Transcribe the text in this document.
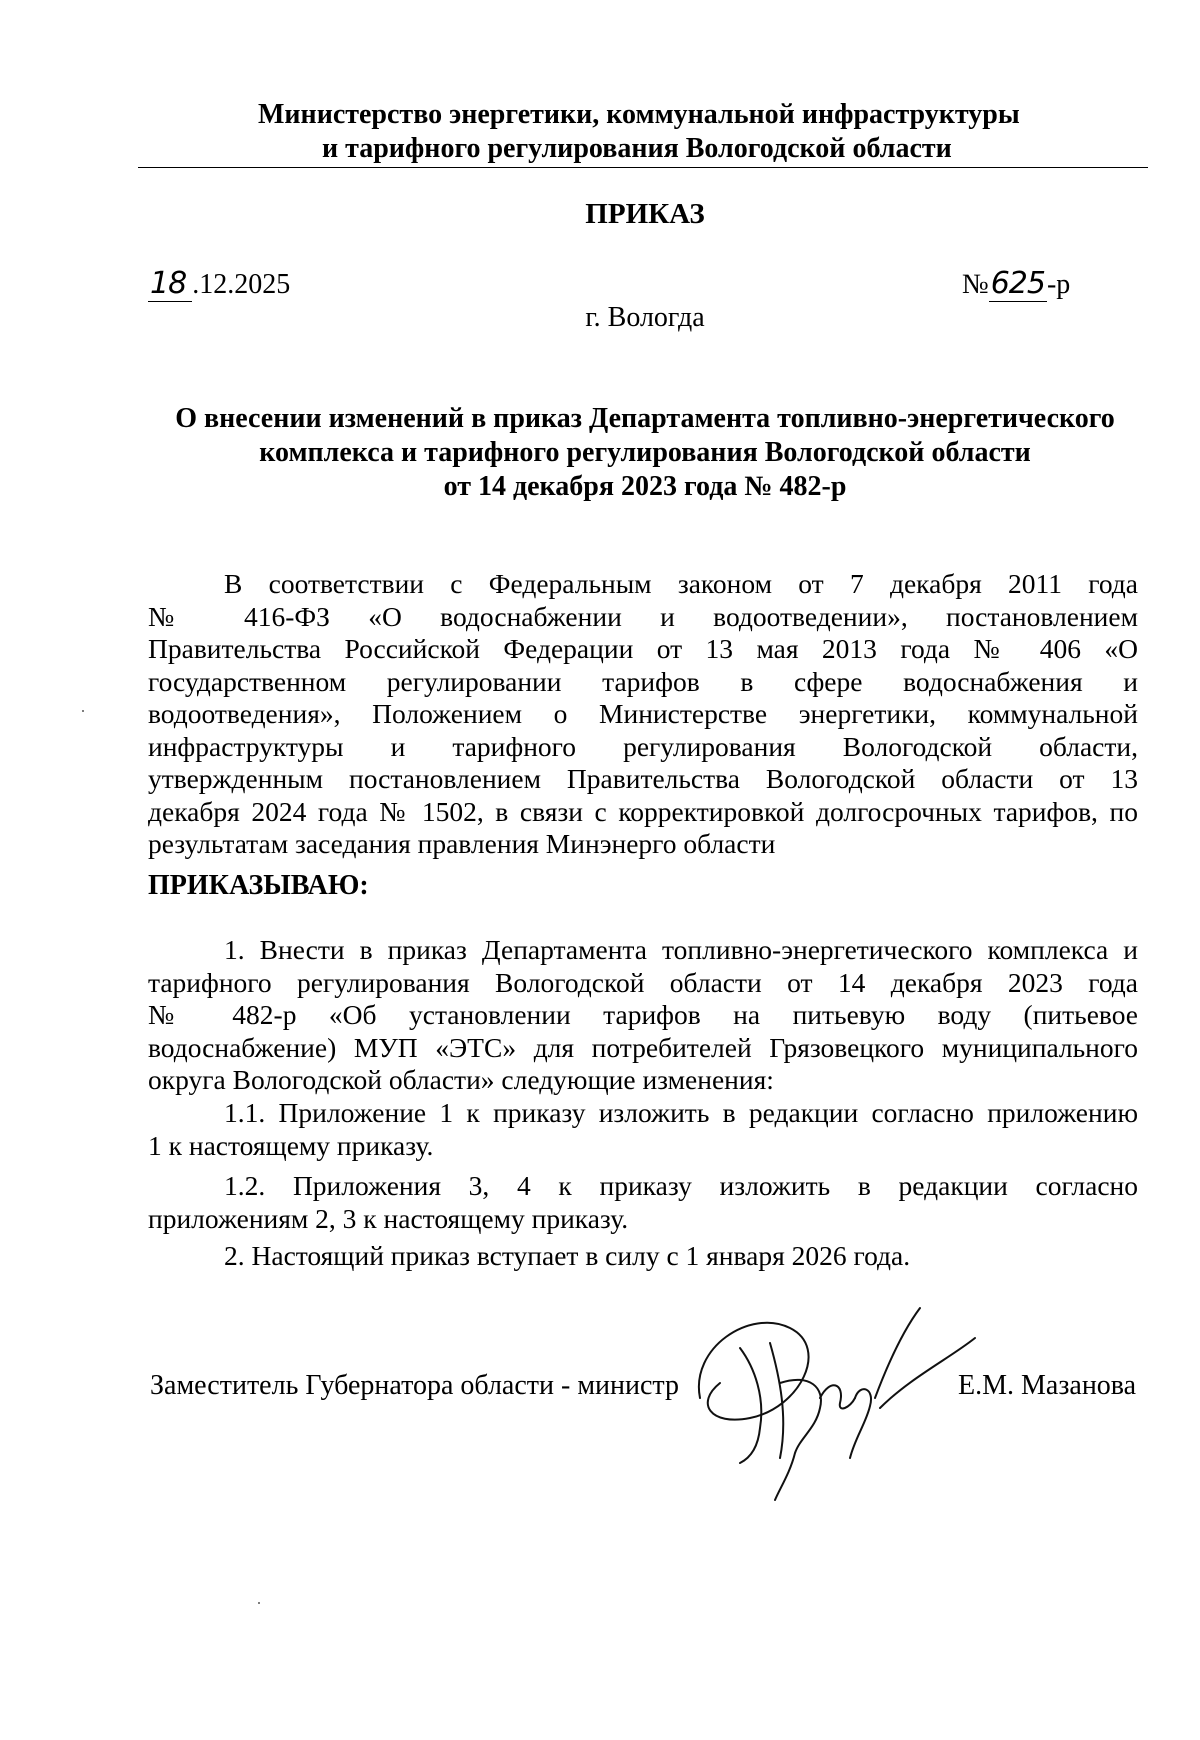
Министерство энергетики, коммунальной инфраструктуры
и тарифного регулирования Вологодской области
ПРИКАЗ
18 .12.2025	№625-р
г. Вологда
О внесении изменений в приказ Департамента топливно-энергетического
комплекса и тарифного регулирования Вологодской области
от 14 декабря 2023 года № 482-р
В соответствии с Федеральным законом от 7 декабря 2011 года
№ 416-ФЗ «О водоснабжении и водоотведении», постановлением
Правительства Российской Федерации от 13 мая 2013 года № 406 «О
государственном регулировании тарифов в сфере водоснабжения и
водоотведения», Положением о Министерстве энергетики, коммунальной
инфраструктуры и тарифного регулирования Вологодской области,
утвержденным постановлением Правительства Вологодской области от 13
декабря 2024 года № 1502, в связи с корректировкой долгосрочных тарифов, по
результатам заседания правления Минэнерго области
ПРИКАЗЫВАЮ:
1. Внести в приказ Департамента топливно-энергетического комплекса и
тарифного регулирования Вологодской области от 14 декабря 2023 года
№ 482-р «Об установлении тарифов на питьевую воду (питьевое
водоснабжение) МУП «ЭТС» для потребителей Грязовецкого муниципального
округа Вологодской области» следующие изменения:
1.1. Приложение 1 к приказу изложить в редакции согласно приложению
1 к настоящему приказу.
1.2. Приложения 3, 4 к приказу изложить в редакции согласно
приложениям 2, 3 к настоящему приказу.
2. Настоящий приказ вступает в силу с 1 января 2026 года.
Заместитель Губернатора области - министр	Е.М. Мазанова
